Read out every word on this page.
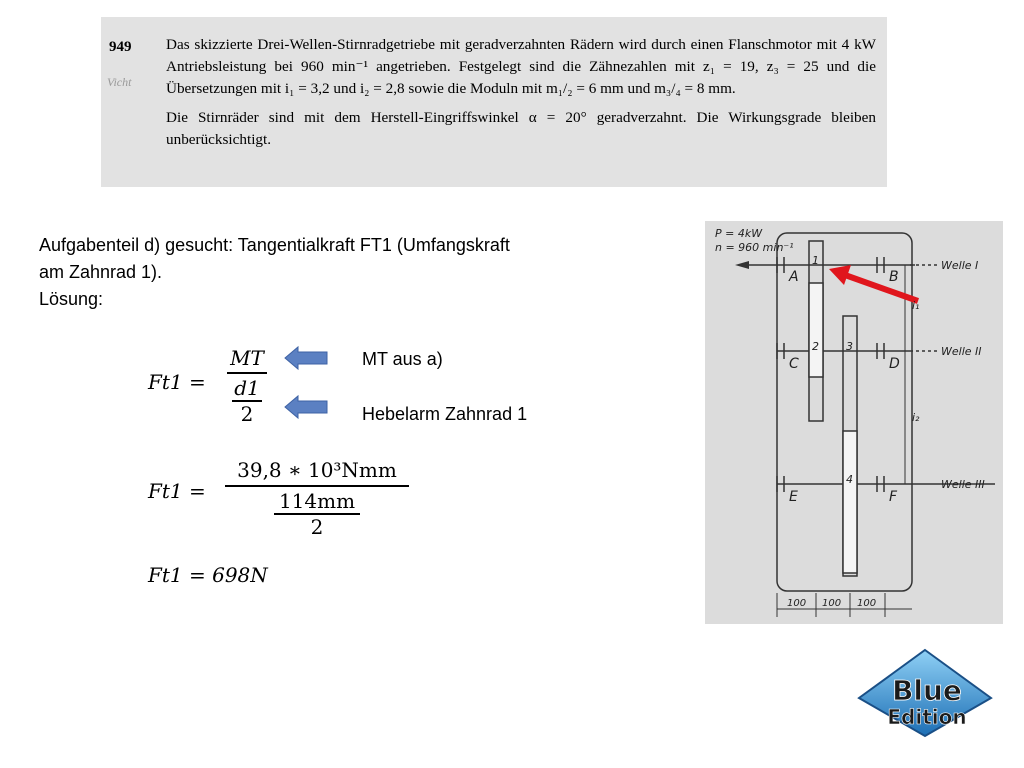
949
Vicht

Das skizzierte Drei-Wellen-Stirnradgetriebe mit geradverzahnten Rädern wird durch einen Flanschmotor mit 4 kW Antriebsleistung bei 960 min⁻¹ angetrieben. Festgelegt sind die Zähnezahlen mit z₁ = 19, z₃ = 25 und die Übersetzungen mit i₁ = 3,2 und i₂ = 2,8 sowie die Moduln mit m₁/₂ = 6 mm und m₃/₄ = 8 mm.

Die Stirnräder sind mit dem Herstell-Eingriffswinkel α = 20° geradverzahnt. Die Wirkungsgrade bleiben unberücksichtigt.

Aufgabenteil d) gesucht: Tangentialkraft FT1 (Umfangskraft
am Zahnrad 1).
Lösung:
Ft1 =
MT
d1
2
MT aus a)
Hebelarm Zahnrad 1
Ft1 =
39,8 ∗ 10³Nmm
114mm
2
Ft1 = 698N
P = 4kW
n = 960 min⁻¹
A	B
C	D
E	F
1
2 3
4
Welle I
Welle II
Welle III
i₁
i₂
100 100 100
Blue
Edition
